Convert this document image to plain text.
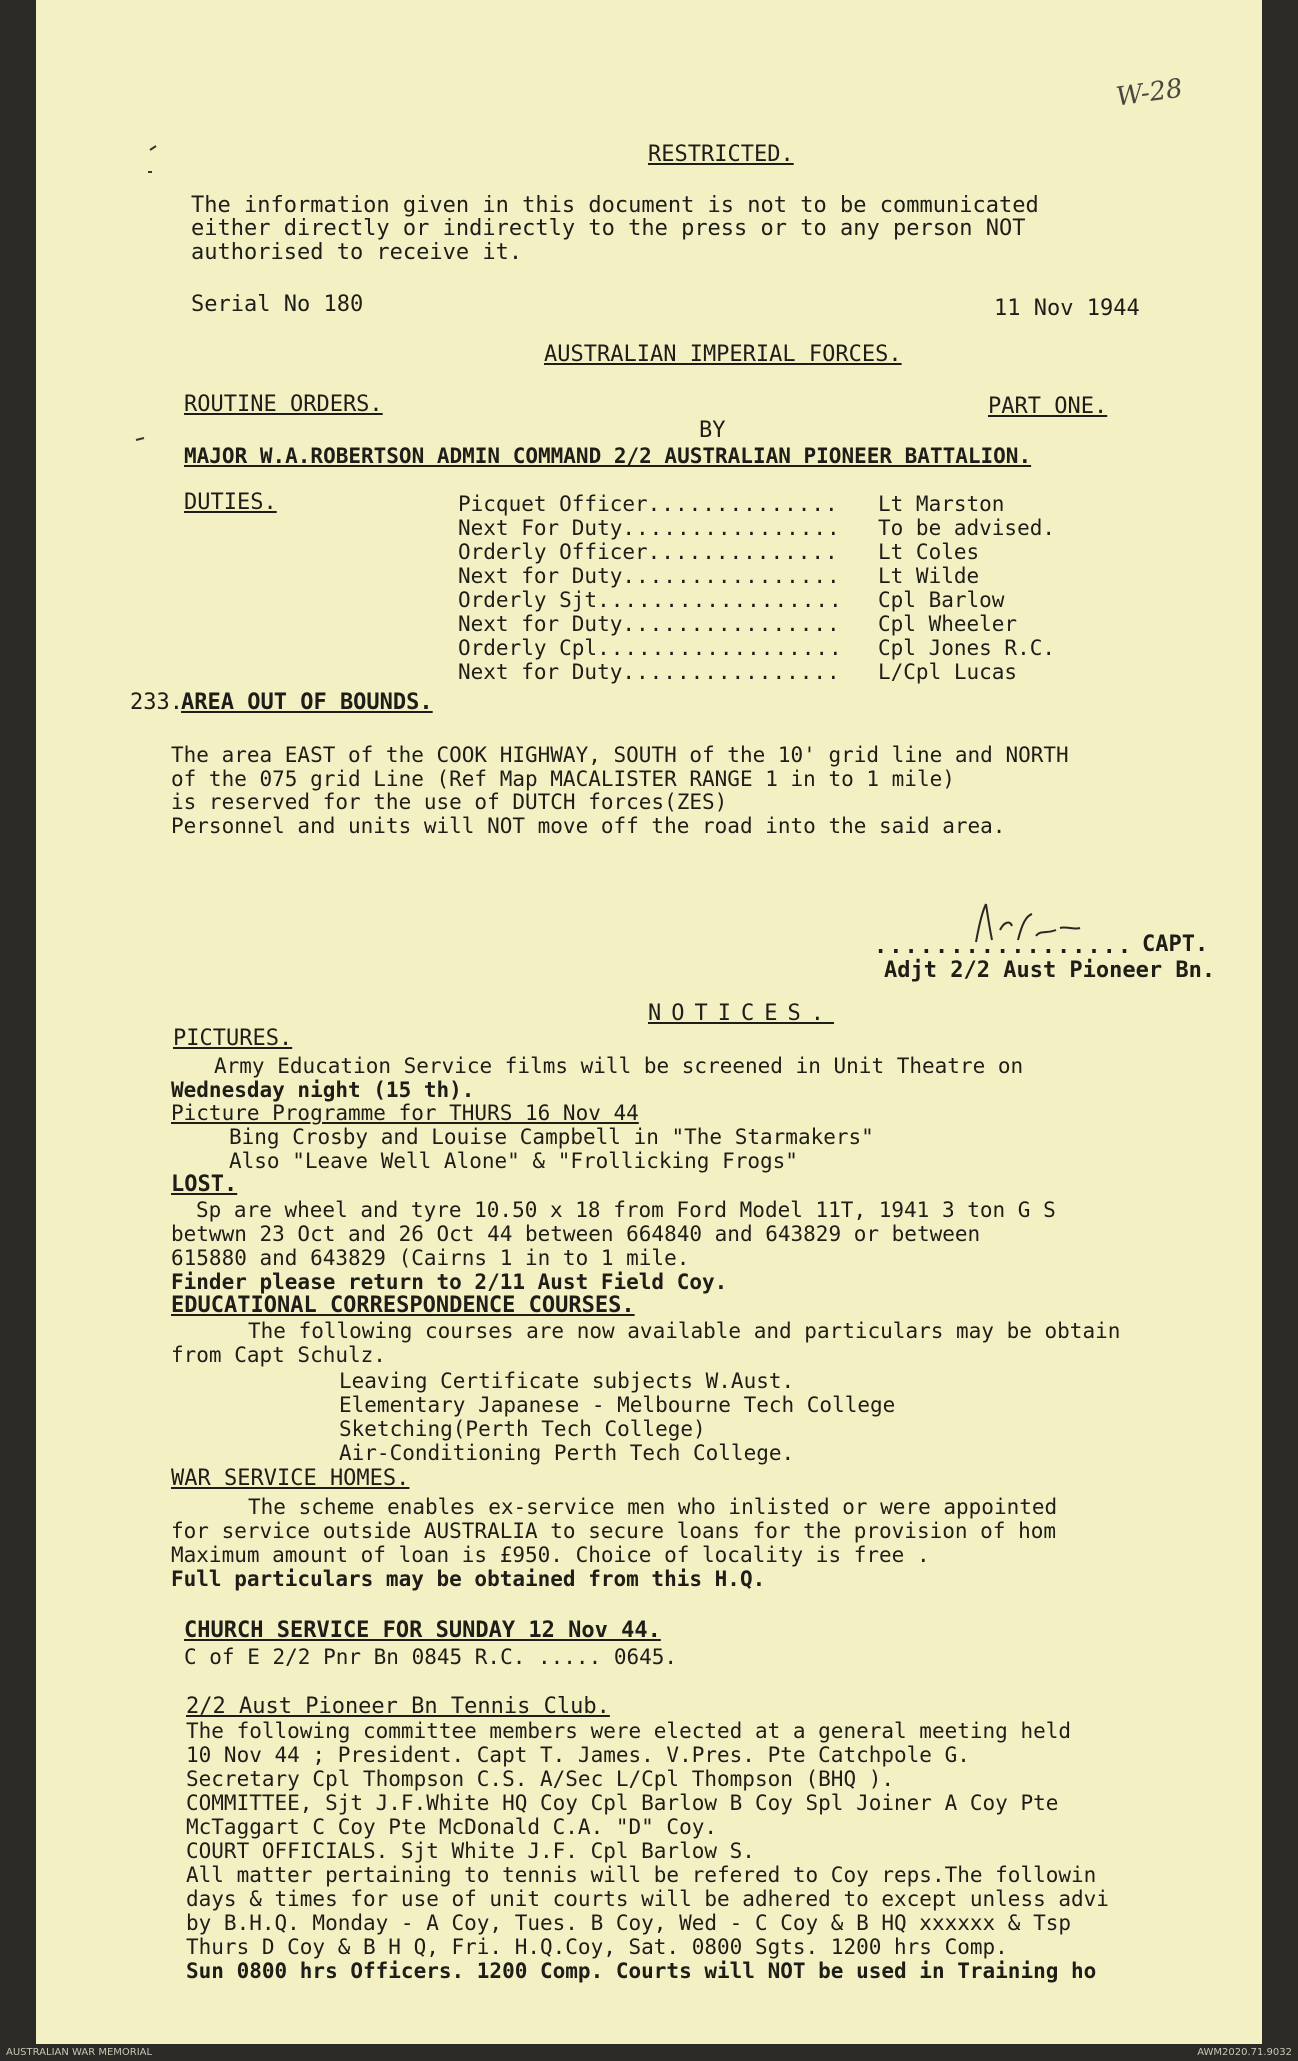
W-28
RESTRICTED.
The information given in this document is not to be communicated
either directly or indirectly to the press or to any person NOT
authorised to receive it.
Serial No 180	11 Nov 1944
AUSTRALIAN IMPERIAL FORCES.
ROUTINE ORDERS.	PART ONE.
BY
MAJOR W.A.ROBERTSON ADMIN COMMAND 2/2 AUSTRALIAN PIONEER BATTALION.
DUTIES.	Picquet Officer.............. Lt Marston
Next For Duty................ To be advised.
Orderly Officer.............. Lt Coles
Next for Duty................ Lt Wilde
Orderly Sjt.................. Cpl Barlow
Next for Duty................ Cpl Wheeler
Orderly Cpl.................. Cpl Jones R.C.
Next for Duty................ L/Cpl Lucas
233.
AREA OUT OF BOUNDS.
The area EAST of the COOK HIGHWAY, SOUTH of the 10' grid line and NORTH
of the 075 grid Line (Ref Map MACALISTER RANGE 1 in to 1 mile)
is reserved for the use of DUTCH forces(ZES)
Personnel and units will NOT move off the road into the said area.
................. CAPT.
Adjt 2/2 Aust Pioneer Bn.
NOTICES.
PICTURES.
Army Education Service films will be screened in Unit Theatre on
Wednesday night (15 th).
Picture Programme for THURS 16 Nov 44
Bing Crosby and Louise Campbell in "The Starmakers"
Also "Leave Well Alone" & "Frollicking Frogs"
LOST.
Sp are wheel and tyre 10.50 x 18 from Ford Model 11T, 1941 3 ton G S
betwwn 23 Oct and 26 Oct 44 between 664840 and 643829 or between
615880 and 643829 (Cairns 1 in to 1 mile.
Finder please return to 2/11 Aust Field Coy.
EDUCATIONAL CORRESPONDENCE COURSES.
The following courses are now available and particulars may be obtain
from Capt Schulz.
Leaving Certificate subjects W.Aust.
Elementary Japanese - Melbourne Tech College
Sketching(Perth Tech College)
Air-Conditioning Perth Tech College.
WAR SERVICE HOMES.
The scheme enables ex-service men who inlisted or were appointed
for service outside AUSTRALIA to secure loans for the provision of hom
Maximum amount of loan is £950. Choice of locality is free .
Full particulars may be obtained from this H.Q.
CHURCH SERVICE FOR SUNDAY 12 Nov 44.
C of E 2/2 Pnr Bn 0845 R.C. ..... 0645.
2/2 Aust Pioneer Bn Tennis Club.
The following committee members were elected at a general meeting held
10 Nov 44 ; President. Capt T. James. V.Pres. Pte Catchpole G.
Secretary Cpl Thompson C.S. A/Sec L/Cpl Thompson (BHQ ).
COMMITTEE, Sjt J.F.White HQ Coy Cpl Barlow B Coy Spl Joiner A Coy Pte
McTaggart C Coy Pte McDonald C.A. "D" Coy.
COURT OFFICIALS. Sjt White J.F. Cpl Barlow S.
All matter pertaining to tennis will be refered to Coy reps.The followin
days & times for use of unit courts will be adhered to except unless advi
by B.H.Q. Monday - A Coy, Tues. B Coy, Wed - C Coy & B HQ xxxxxx & Tsp
Thurs D Coy & B H Q, Fri. H.Q.Coy, Sat. 0800 Sgts. 1200 hrs Comp.
Sun 0800 hrs Officers. 1200 Comp. Courts will NOT be used in Training ho
AUSTRALIAN WAR MEMORIAL	AWM2020.71.9032
